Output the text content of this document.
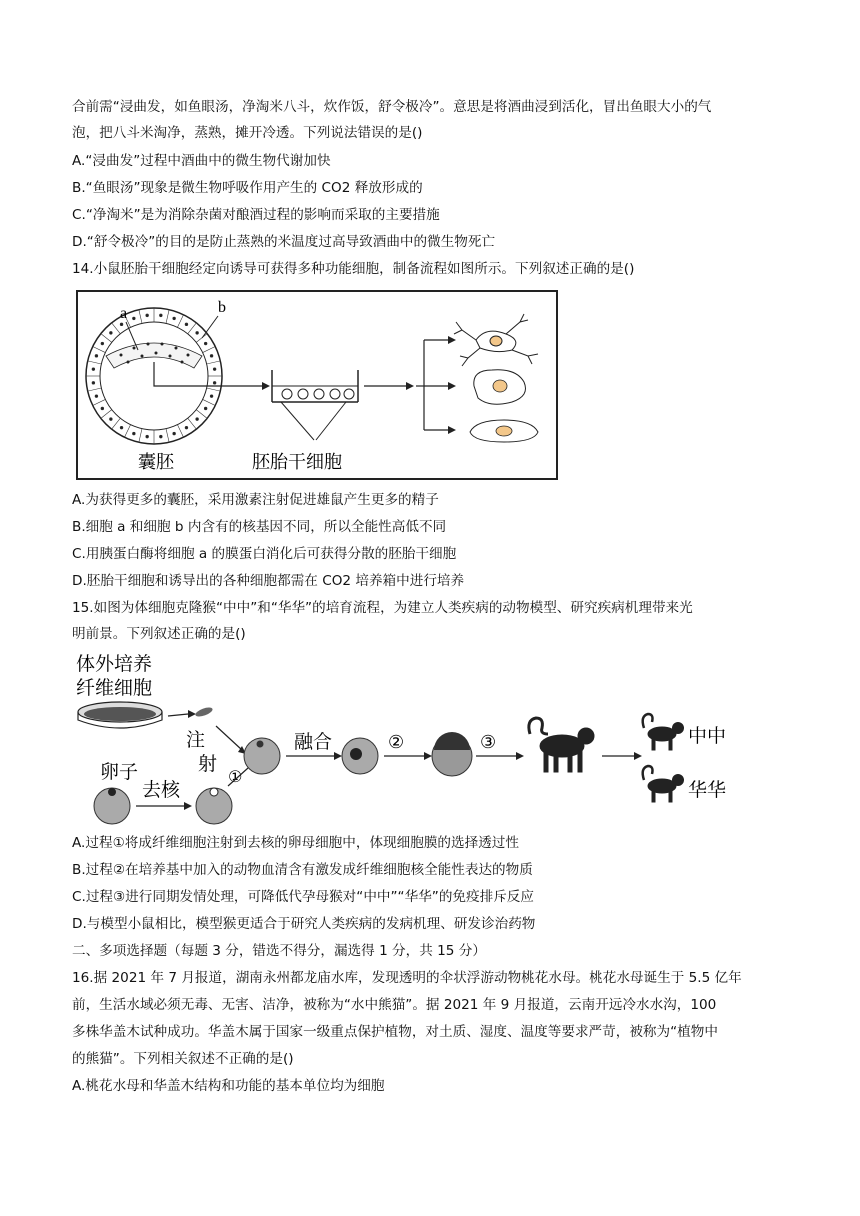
合前需“浸曲发，如鱼眼汤，净淘米八斗，炊作饭，舒令极冷”。意思是将酒曲浸到活化，冒出鱼眼大小的气
泡，把八斗米淘净，蒸熟，摊开冷透。下列说法错误的是()
A.“浸曲发”过程中酒曲中的微生物代谢加快
B.“鱼眼汤”现象是微生物呼吸作用产生的 CO2 释放形成的
C.“净淘米”是为消除杂菌对酿酒过程的影响而采取的主要措施
D.“舒令极冷”的目的是防止蒸熟的米温度过高导致酒曲中的微生物死亡
14.小鼠胚胎干细胞经定向诱导可获得多种功能细胞，制备流程如图所示。下列叙述正确的是()
a	b
囊胚	胚胎干细胞
A.为获得更多的囊胚，采用激素注射促进雄鼠产生更多的精子
B.细胞 a 和细胞 b 内含有的核基因不同，所以全能性高低不同
C.用胰蛋白酶将细胞 a 的膜蛋白消化后可获得分散的胚胎干细胞
D.胚胎干细胞和诱导出的各种细胞都需在 CO2 培养箱中进行培养
15.如图为体细胞克隆猴“中中”和“华华”的培育流程，为建立人类疾病的动物模型、研究疾病机理带来光
明前景。下列叙述正确的是()
体外培养
纤维细胞
注
射
卵子
去核
①
融合	②	③	中中
华华
A.过程①将成纤维细胞注射到去核的卵母细胞中，体现细胞膜的选择透过性
B.过程②在培养基中加入的动物血清含有激发成纤维细胞核全能性表达的物质
C.过程③进行同期发情处理，可降低代孕母猴对“中中”“华华”的免疫排斥反应
D.与模型小鼠相比，模型猴更适合于研究人类疾病的发病机理、研发诊治药物
二、多项选择题（每题 3 分，错选不得分，漏选得 1 分，共 15 分）
16.据 2021 年 7 月报道，湖南永州都龙庙水库，发现透明的伞状浮游动物桃花水母。桃花水母诞生于 5.5 亿年
前，生活水域必须无毒、无害、洁净，被称为“水中熊猫”。据 2021 年 9 月报道，云南开远冷水水沟，100
多株华盖木试种成功。华盖木属于国家一级重点保护植物，对土质、湿度、温度等要求严苛，被称为“植物中
的熊猫”。下列相关叙述不正确的是()
A.桃花水母和华盖木结构和功能的基本单位均为细胞
